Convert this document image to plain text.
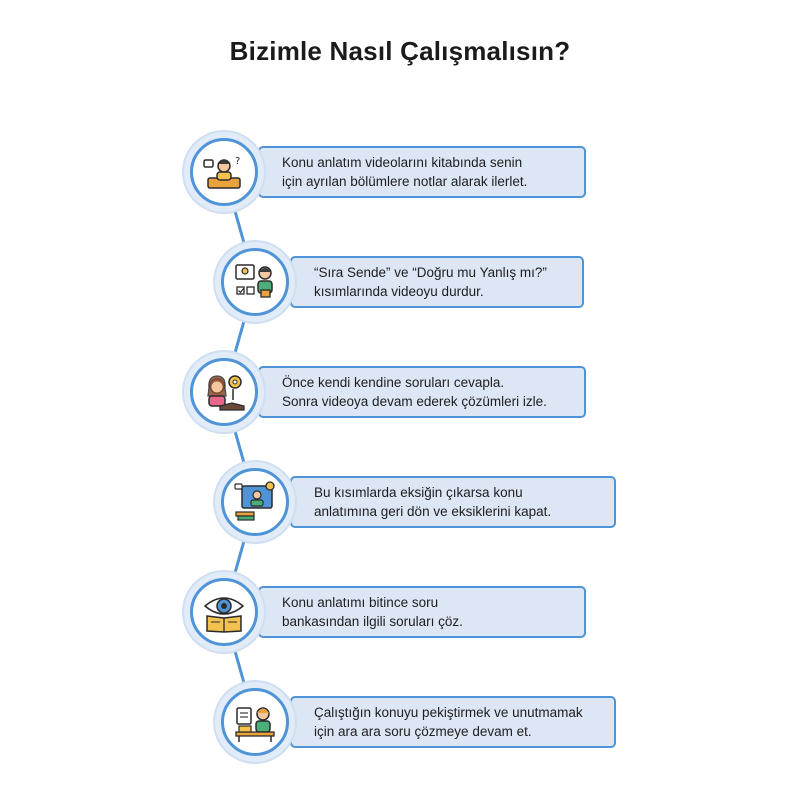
Bizimle Nasıl Çalışmalısın?
Konu anlatım videolarını kitabında senin
için ayrılan bölümlere notlar alarak ilerlet.
?
“Sıra Sende” ve “Doğru mu Yanlış mı?”
kısımlarında videoyu durdur.
Önce kendi kendine soruları cevapla.
Sonra videoya devam ederek çözümleri izle.
Bu kısımlarda eksiğin çıkarsa konu
anlatımına geri dön ve eksiklerini kapat.
Konu anlatımı bitince soru
bankasından ilgili soruları çöz.
Çalıştığın konuyu pekiştirmek ve unutmamak
için ara ara soru çözmeye devam et.
